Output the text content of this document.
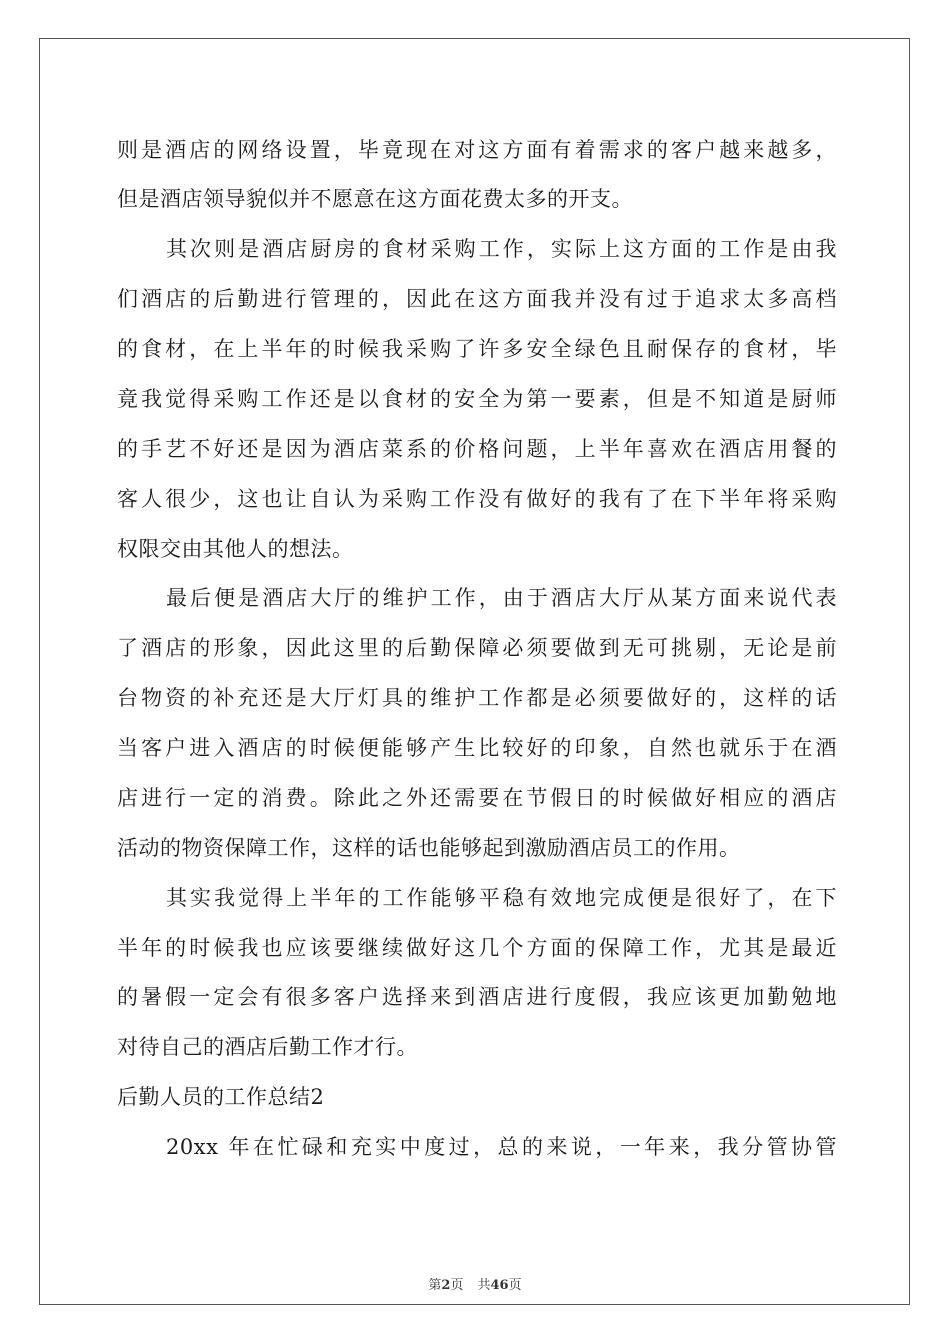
则是酒店的网络设置，毕竟现在对这方面有着需求的客户越来越多，
但是酒店领导貌似并不愿意在这方面花费太多的开支。
其次则是酒店厨房的食材采购工作，实际上这方面的工作是由我
们酒店的后勤进行管理的，因此在这方面我并没有过于追求太多高档
的食材，在上半年的时候我采购了许多安全绿色且耐保存的食材，毕
竟我觉得采购工作还是以食材的安全为第一要素，但是不知道是厨师
的手艺不好还是因为酒店菜系的价格问题，上半年喜欢在酒店用餐的
客人很少，这也让自认为采购工作没有做好的我有了在下半年将采购
权限交由其他人的想法。
最后便是酒店大厅的维护工作，由于酒店大厅从某方面来说代表
了酒店的形象，因此这里的后勤保障必须要做到无可挑剔，无论是前
台物资的补充还是大厅灯具的维护工作都是必须要做好的，这样的话
当客户进入酒店的时候便能够产生比较好的印象，自然也就乐于在酒
店进行一定的消费。除此之外还需要在节假日的时候做好相应的酒店
活动的物资保障工作，这样的话也能够起到激励酒店员工的作用。
其实我觉得上半年的工作能够平稳有效地完成便是很好了，在下
半年的时候我也应该要继续做好这几个方面的保障工作，尤其是最近
的暑假一定会有很多客户选择来到酒店进行度假，我应该更加勤勉地
对待自己的酒店后勤工作才行。
后勤人员的工作总结2
20xx 年在忙碌和充实中度过，总的来说，一年来，我分管协管
第2页 共46页
